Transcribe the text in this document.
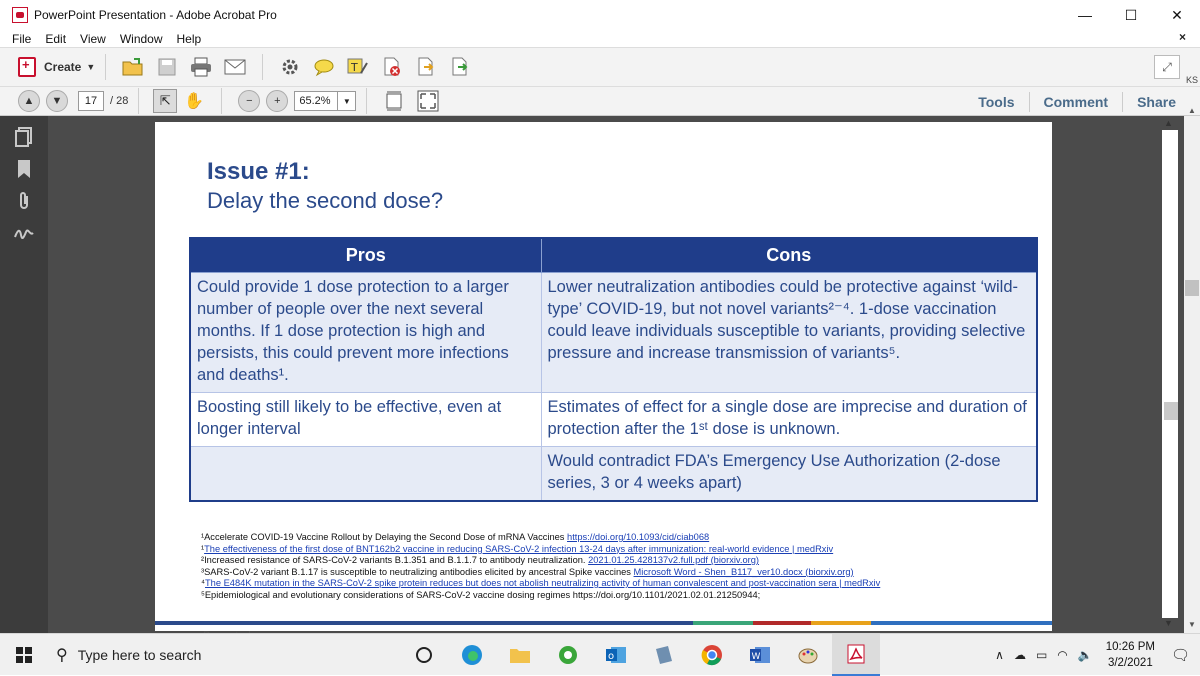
PowerPoint Presentation - Adobe Acrobat Pro	—	☐	✕
File	Edit	View	Window	Help	×
+
Create ▼	T	⤢
KS
▲ ▼	17	/ 28 ⇱ ✋	− +	65.2%	▼	Tools	Comment	Share
Issue #1:
Delay the second dose?
Pros	Cons
Could provide 1 dose protection to a larger number of people over the next several months. If 1 dose protection is high and persists, this could prevent more infections and deaths¹.	Lower neutralization antibodies could be protective against ‘wild-type’ COVID-19, but not novel variants²⁻⁴. 1-dose vaccination could leave individuals susceptible to variants, providing selective pressure and increase transmission of variants⁵.
Boosting still likely to be effective, even at longer interval	Estimates of effect for a single dose are imprecise and duration of protection after the 1ˢᵗ dose is unknown.
	Would contradict FDA’s Emergency Use Authorization (2-dose series, 3 or 4 weeks apart)
¹Accelerate COVID-19 Vaccine Rollout by Delaying the Second Dose of mRNA Vaccines https://doi.org/10.1093/cid/ciab068
¹The effectiveness of the first dose of BNT162b2 vaccine in reducing SARS-CoV-2 infection 13-24 days after immunization: real-world evidence | medRxiv
²Increased resistance of SARS-CoV-2 variants B.1.351 and B.1.1.7 to antibody neutralization. 2021.01.25.428137v2.full.pdf (biorxiv.org)
³SARS-CoV-2 variant B.1.17 is susceptible to neutralizing antibodies elicited by ancestral Spike vaccines Microsoft Word - Shen_B117_ver10.docx (biorxiv.org)
⁴The E484K mutation in the SARS-CoV-2 spike protein reduces but does not abolish neutralizing activity of human convalescent and post-vaccination sera | medRxiv
⁵Epidemiological and evolutionary considerations of SARS-CoV-2 vaccine dosing regimes https://doi.org/10.1101/2021.02.01.21250944;
▲
▼
▲
▼
⚲ Type here to search	o	W	∧ ☁ ▭ ◠ 🔈
10:26 PM
3/2/2021 🗨
